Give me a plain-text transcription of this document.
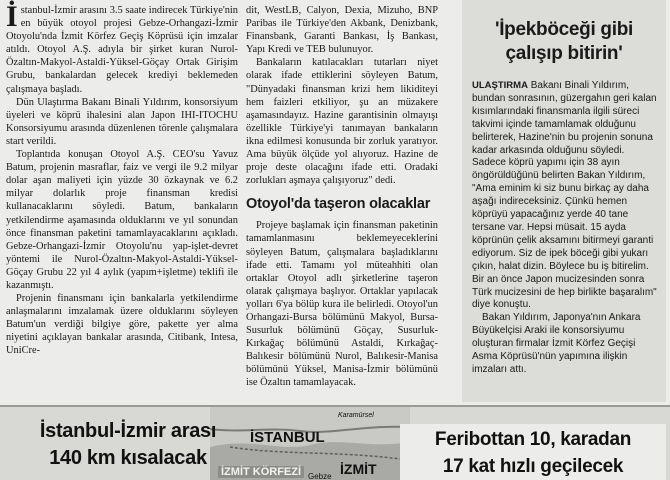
İstanbul-İzmir arasını 3.5 saate indirecek Türkiye'nin en büyük otoyol projesi Gebze-Orhangazi-İzmir Otoyolu'nda İzmit Körfez Geçiş Köprüsü için imzalar atıldı. Otoyol A.Ş. adıyla bir şirket kuran Nurol-Özaltın-Makyol-Astaldi-Yüksel-Göçay Ortak Girişim Grubu, bankalardan gelecek krediyi beklemeden çalışmaya başladı.

Dün Ulaştırma Bakanı Binali Yıldırım, konsorsiyum üyeleri ve köprü ihalesini alan Japon IHI-ITOCHU Konsorsiyumu arasında düzenlenen törenle çalışmalara start verildi.

Toplantıda konuşan Otoyol A.Ş. CEO'su Yavuz Batum, projenin masraflar, faiz ve vergi ile 9.2 milyar dolar aşan maliyeti için yüzde 30 özkaynak ve 6.2 milyar dolarlık proje finansman kredisi kullanacaklarını söyledi. Batum, bankaların yetkilendirme aşamasında olduklarını ve yıl sonundan önce finansman paketini tamamlayacaklarını açıkladı. Gebze-Orhangazi-İzmir Otoyolu'nu yap-işlet-devret yöntemi ile Nurol-Özaltın-Makyol-Astaldi-Yüksel-Göçay Grubu 22 yıl 4 aylık (yapım+işletme) teklifi ile kazanmıştı.

Projenin finansmanı için bankalarla yetkilendirme anlaşmalarını imzalamak üzere olduklarını söyleyen Batum'un verdiği bilgiye göre, pakette yer alma niyetini açıklayan bankalar arasında, Citibank, Intesa, UniCre-

dit, WestLB, Calyon, Dexia, Mizuho, BNP Paribas ile Türkiye'den Akbank, Denizbank, Finansbank, Garanti Bankası, İş Bankası, Yapı Kredi ve TEB bulunuyor.

Bankaların katılacakları tutarları niyet olarak ifade ettiklerini söyleyen Batum, "Dünyadaki finansman krizi hem likiditeyi hem faizleri etkiliyor, şu an müzakere aşamasındayız. Hazine garantisinin olmayışı özellikle Türkiye'yi tanımayan bankaların ikna edilmesi konusunda bir zorluk yaratıyor. Ama büyük ölçüde yol alıyoruz. Hazine de proje deste olacağını ifade etti. Oradaki zorlukları aşmaya çalışıyoruz" dedi.

Otoyol'da taşeron olacaklar

Projeye başlamak için finansman paketinin tamamlanmasını beklemeyeceklerini söyleyen Batum, çalışmalara başladıklarını ifade etti. Tamamı yol müteahhiti olan ortaklar Otoyol adlı şirketlerine taşeron olarak çalışmaya başlıyor. Ortaklar yapılacak yolları 6'ya bölüp kura ile belirledi. Otoyol'un Orhangazi-Bursa bölümünü Makyol, Bursa-Susurluk bölümünü Göçay, Susurluk-Kırkağaç bölümünü Astaldi, Kırkağaç-Balıkesir bölümünü Nurol, Balıkesir-Manisa bölümünü Yüksel, Manisa-İzmir bölümünü ise Özaltın tamamlayacak.

'İpekböceği gibi çalışıp bitirin'

ULAŞTIRMA Bakanı Binali Yıldırım, bundan sonrasının, güzergahın geri kalan kısımlarındaki finansmanla ilgili süreci takvimi içinde tamamlamak olduğunu belirterek, Hazine'nin bu projenin sonuna kadar arkasında olduğunu söyledi. Sadece köprü yapımı için 38 ayın öngörüldüğünü belirten Bakan Yıldırım, "Ama eminim ki siz bunu birkaç ay daha aşağı indireceksiniz. Çünkü hemen köprüyü yapacağınız yerde 40 tane tersane var. Hepsi müsait. 15 ayda köprünün çelik aksamını bitirmeyi garanti ediyorum. Siz de ipek böceği gibi yukarı çıkın, halat dizin. Böylece bu iş bitirelim. Bir an önce Japon mucizesinden sonra Türk mucizesini de hep birlikte başaralım" diye konuştu.

Bakan Yıldırım, Japonya'nın Ankara Büyükelçisi Araki ile konsorsiyumu oluşturan firmalar İzmit Körfez Geçişi Asma Köprüsü'nün yapımına ilişkin imzaları attı.

İSTANBUL
Karamürsel
İZMİT KÖRFEZİ Gebze İZMİT
İstanbul-İzmir arası
140 km kısalacak
Feribottan 10, karadan
17 kat hızlı geçilecek
